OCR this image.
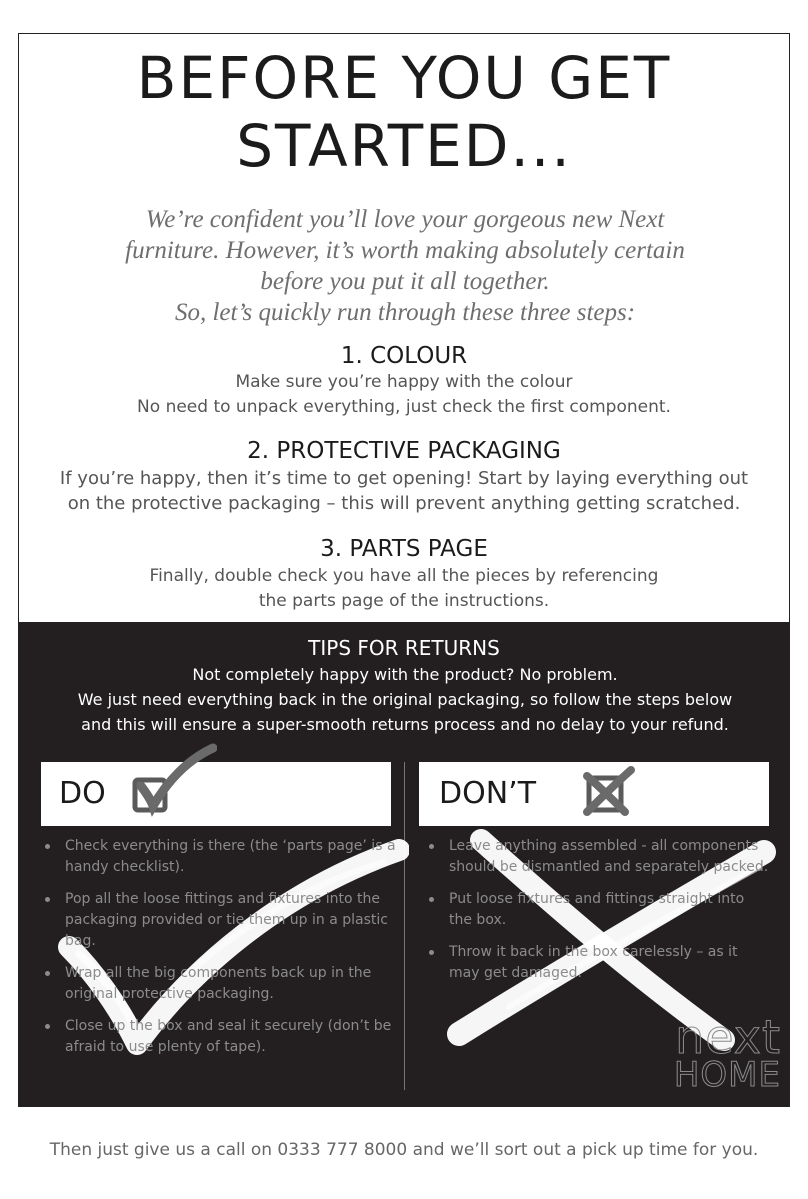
BEFORE YOU GET
STARTED...
We’re confident you’ll love your gorgeous new Next
furniture. However, it’s worth making absolutely certain
before you put it all together.
So, let’s quickly run through these three steps:
1. COLOUR
Make sure you’re happy with the colour
No need to unpack everything, just check the first component.
2. PROTECTIVE PACKAGING
If you’re happy, then it’s time to get opening! Start by laying everything out
on the protective packaging – this will prevent anything getting scratched.
3. PARTS PAGE
Finally, double check you have all the pieces by referencing
the parts page of the instructions.
TIPS FOR RETURNS
Not completely happy with the product? No problem.
We just need everything back in the original packaging, so follow the steps below
and this will ensure a super-smooth returns process and no delay to your refund.
DO	DON’T
Check everything is there (the ‘parts page’ is a handy checklist).
Pop all the loose fittings and fixtures into the packaging provided or tie them up in a plastic bag.
Wrap all the big components back up in the original protective packaging.
Close up the box and seal it securely (don’t be afraid to use plenty of tape).
Leave anything assembled - all components should be dismantled and separately packed.
Put loose fixtures and fittings straight into the box.
Throw it back in the box carelessly – as it may get damaged.
next
HOME
Then just give us a call on 0333 777 8000 and we’ll sort out a pick up time for you.
